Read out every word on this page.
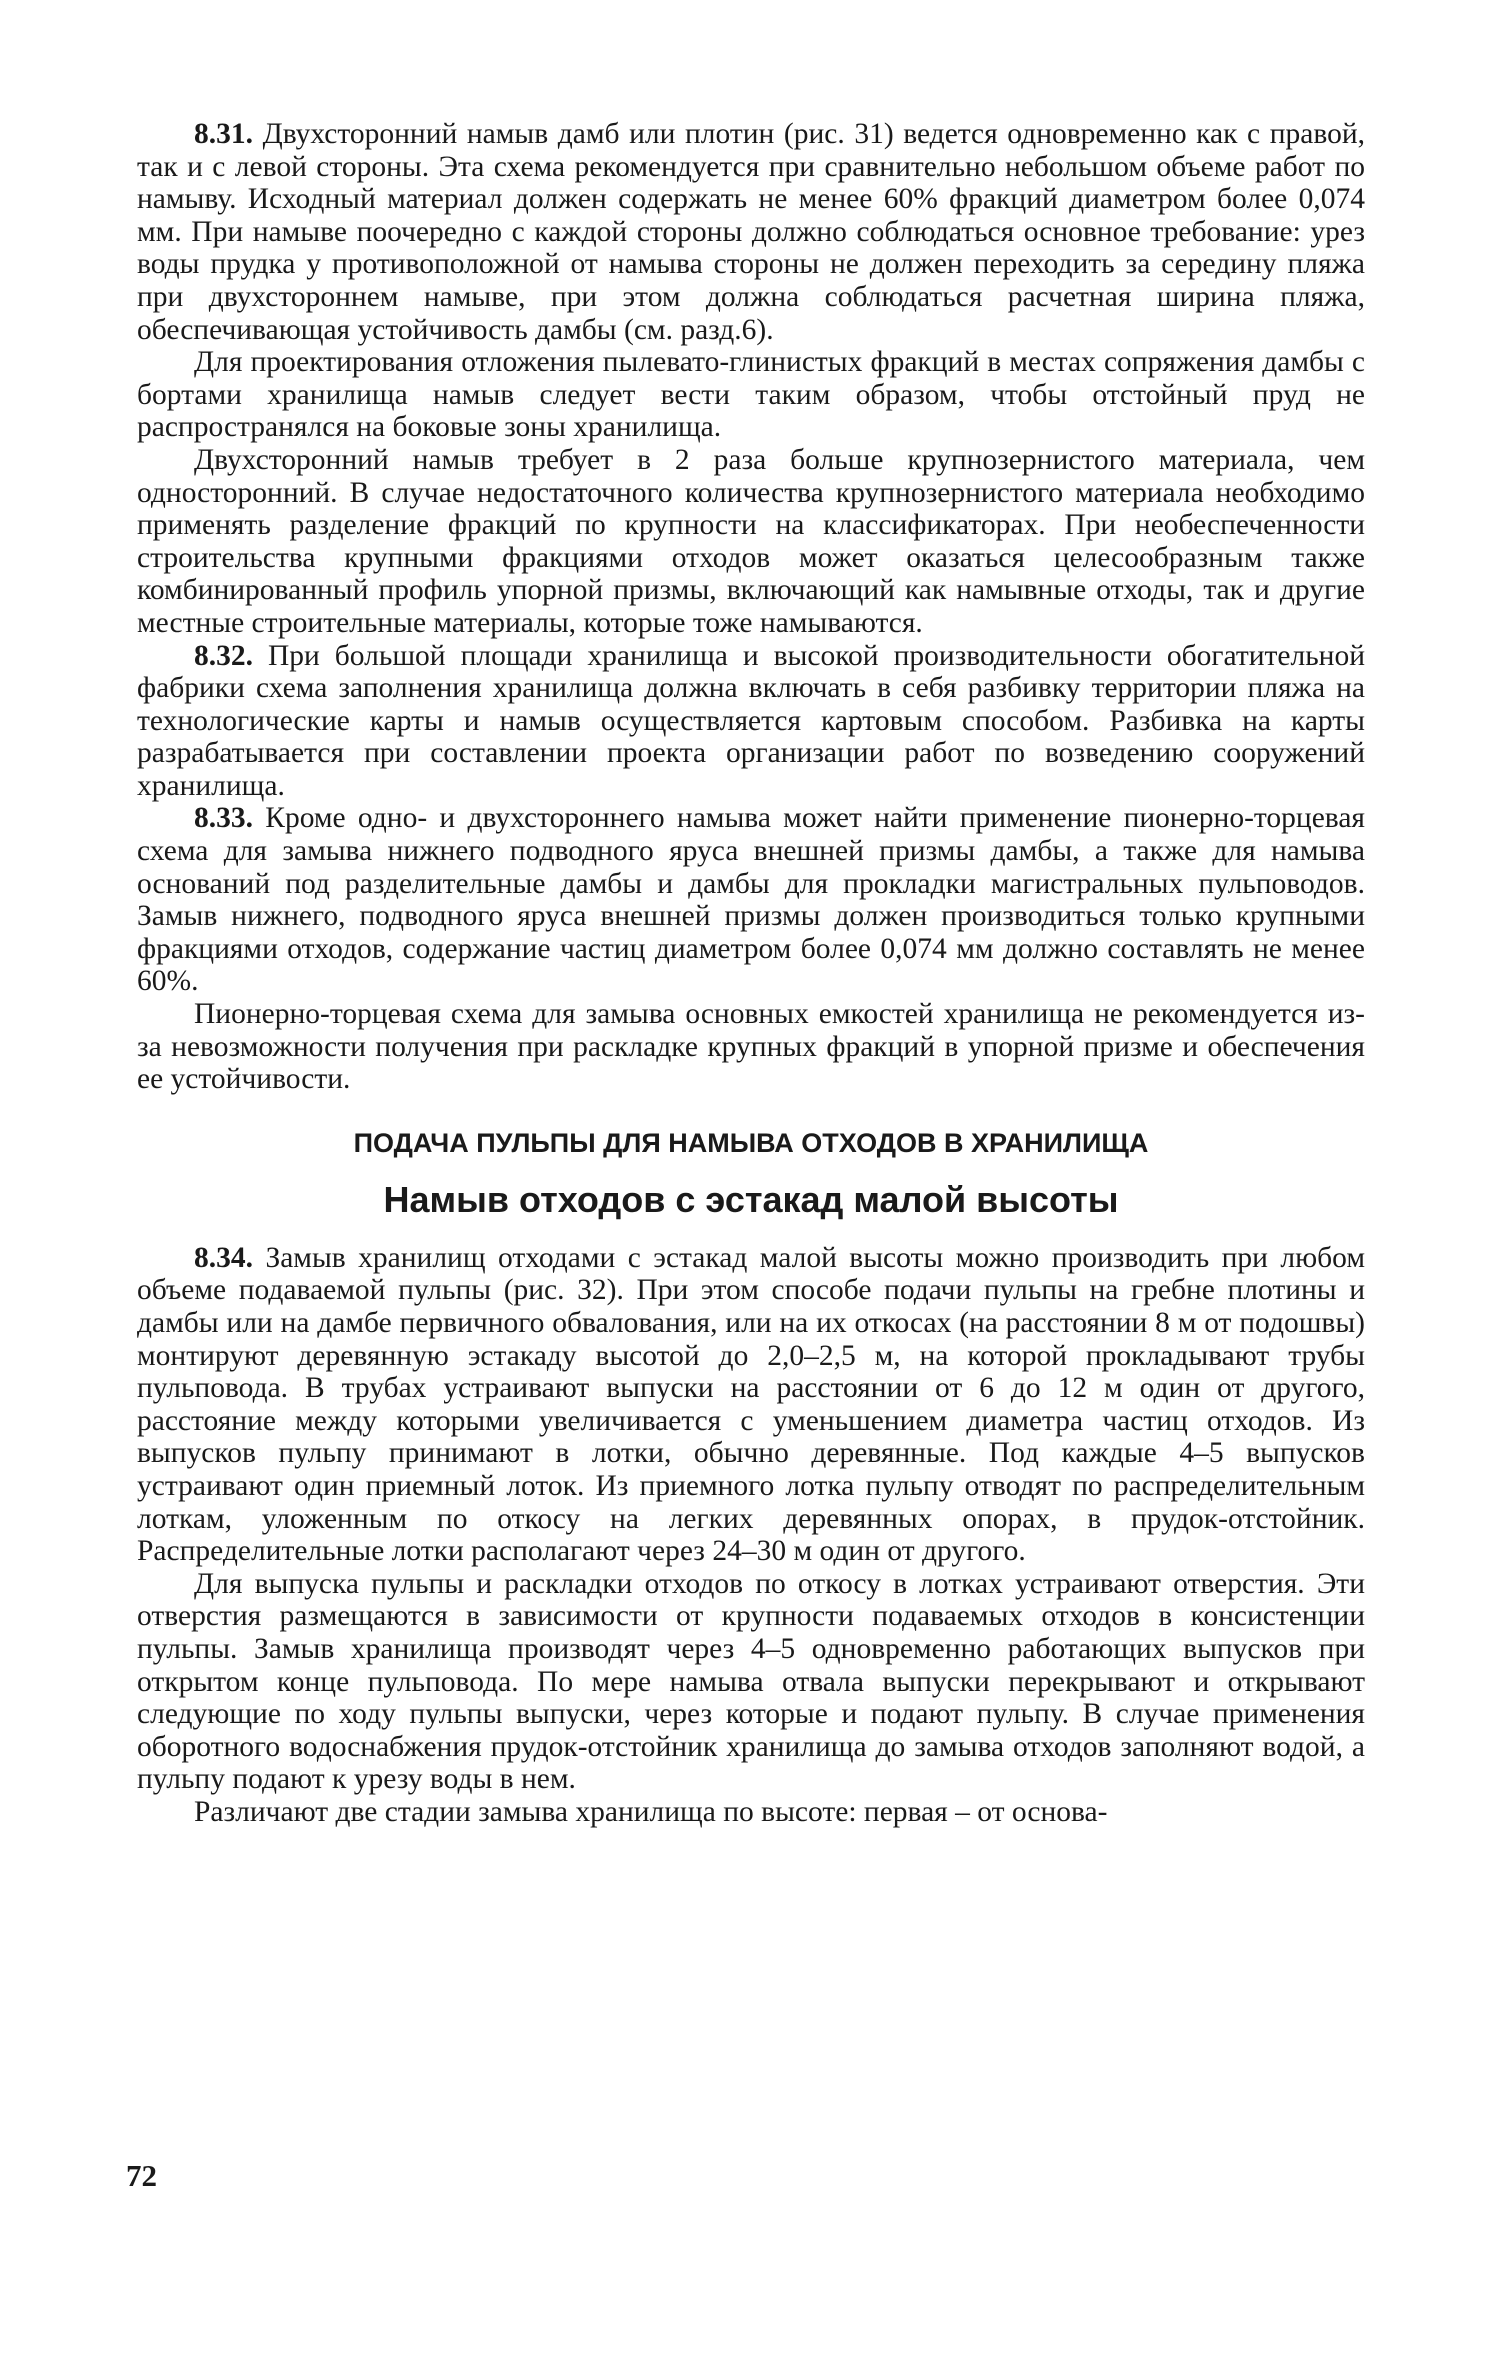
8.31. Двухсторонний намыв дамб или плотин (рис. 31) ведется одновременно как с правой, так и с левой стороны. Эта схема рекомендуется при сравнительно небольшом объеме работ по намыву. Исходный материал должен содержать не менее 60% фракций диаметром более 0,074 мм. При намыве поочередно с каждой стороны должно соблюдаться основное требование: урез воды прудка у противоположной от намыва стороны не должен переходить за середину пляжа при двухстороннем намыве, при этом должна соблюдаться расчетная ширина пляжа, обеспечивающая устойчивость дамбы (см. разд.6).

Для проектирования отложения пылевато-глинистых фракций в местах сопряжения дамбы с бортами хранилища намыв следует вести таким образом, чтобы отстойный пруд не распространялся на боковые зоны хранилища.

Двухсторонний намыв требует в 2 раза больше крупнозернистого материала, чем односторонний. В случае недостаточного количества крупнозернистого материала необходимо применять разделение фракций по крупности на классификаторах. При необеспеченности строительства крупными фракциями отходов может оказаться целесообразным также комбинированный профиль упорной призмы, включающий как намывные отходы, так и другие местные строительные материалы, которые тоже намываются.

8.32. При большой площади хранилища и высокой производительности обогатительной фабрики схема заполнения хранилища должна включать в себя разбивку территории пляжа на технологические карты и намыв осуществляется картовым способом. Разбивка на карты разрабатывается при составлении проекта организации работ по возведению сооружений хранилища.

8.33. Кроме одно- и двухстороннего намыва может найти применение пионерно-торцевая схема для замыва нижнего подводного яруса внешней призмы дамбы, а также для намыва оснований под разделительные дамбы и дамбы для прокладки магистральных пульповодов. Замыв нижнего, подводного яруса внешней призмы должен производиться только крупными фракциями отходов, содержание частиц диаметром более 0,074 мм должно составлять не менее 60%.

Пионерно-торцевая схема для замыва основных емкостей хранилища не рекомендуется из-за невозможности получения при раскладке крупных фракций в упорной призме и обеспечения ее устойчивости.

ПОДАЧА ПУЛЬПЫ ДЛЯ НАМЫВА ОТХОДОВ В ХРАНИЛИЩА
Намыв отходов с эстакад малой высоты

8.34. Замыв хранилищ отходами с эстакад малой высоты можно производить при любом объеме подаваемой пульпы (рис. 32). При этом способе подачи пульпы на гребне плотины и дамбы или на дамбе первичного обвалования, или на их откосах (на расстоянии 8 м от подошвы) монтируют деревянную эстакаду высотой до 2,0–2,5 м, на которой прокладывают трубы пульповода. В трубах устраивают выпуски на расстоянии от 6 до 12 м один от другого, расстояние между которыми увеличивается с уменьшением диаметра частиц отходов. Из выпусков пульпу принимают в лотки, обычно деревянные. Под каждые 4–5 выпусков устраивают один приемный лоток. Из приемного лотка пульпу отводят по распределительным лоткам, уложенным по откосу на легких деревянных опорах, в прудок-отстойник. Распределительные лотки располагают через 24–30 м один от другого.

Для выпуска пульпы и раскладки отходов по откосу в лотках устраивают отверстия. Эти отверстия размещаются в зависимости от крупности подаваемых отходов в консистенции пульпы. Замыв хранилища производят через 4–5 одновременно работающих выпусков при открытом конце пульповода. По мере намыва отвала выпуски перекрывают и открывают следующие по ходу пульпы выпуски, через которые и подают пульпу. В случае применения оборотного водоснабжения прудок-отстойник хранилища до замыва отходов заполняют водой, а пульпу подают к урезу воды в нем.

Различают две стадии замыва хранилища по высоте: первая – от основа-

72
